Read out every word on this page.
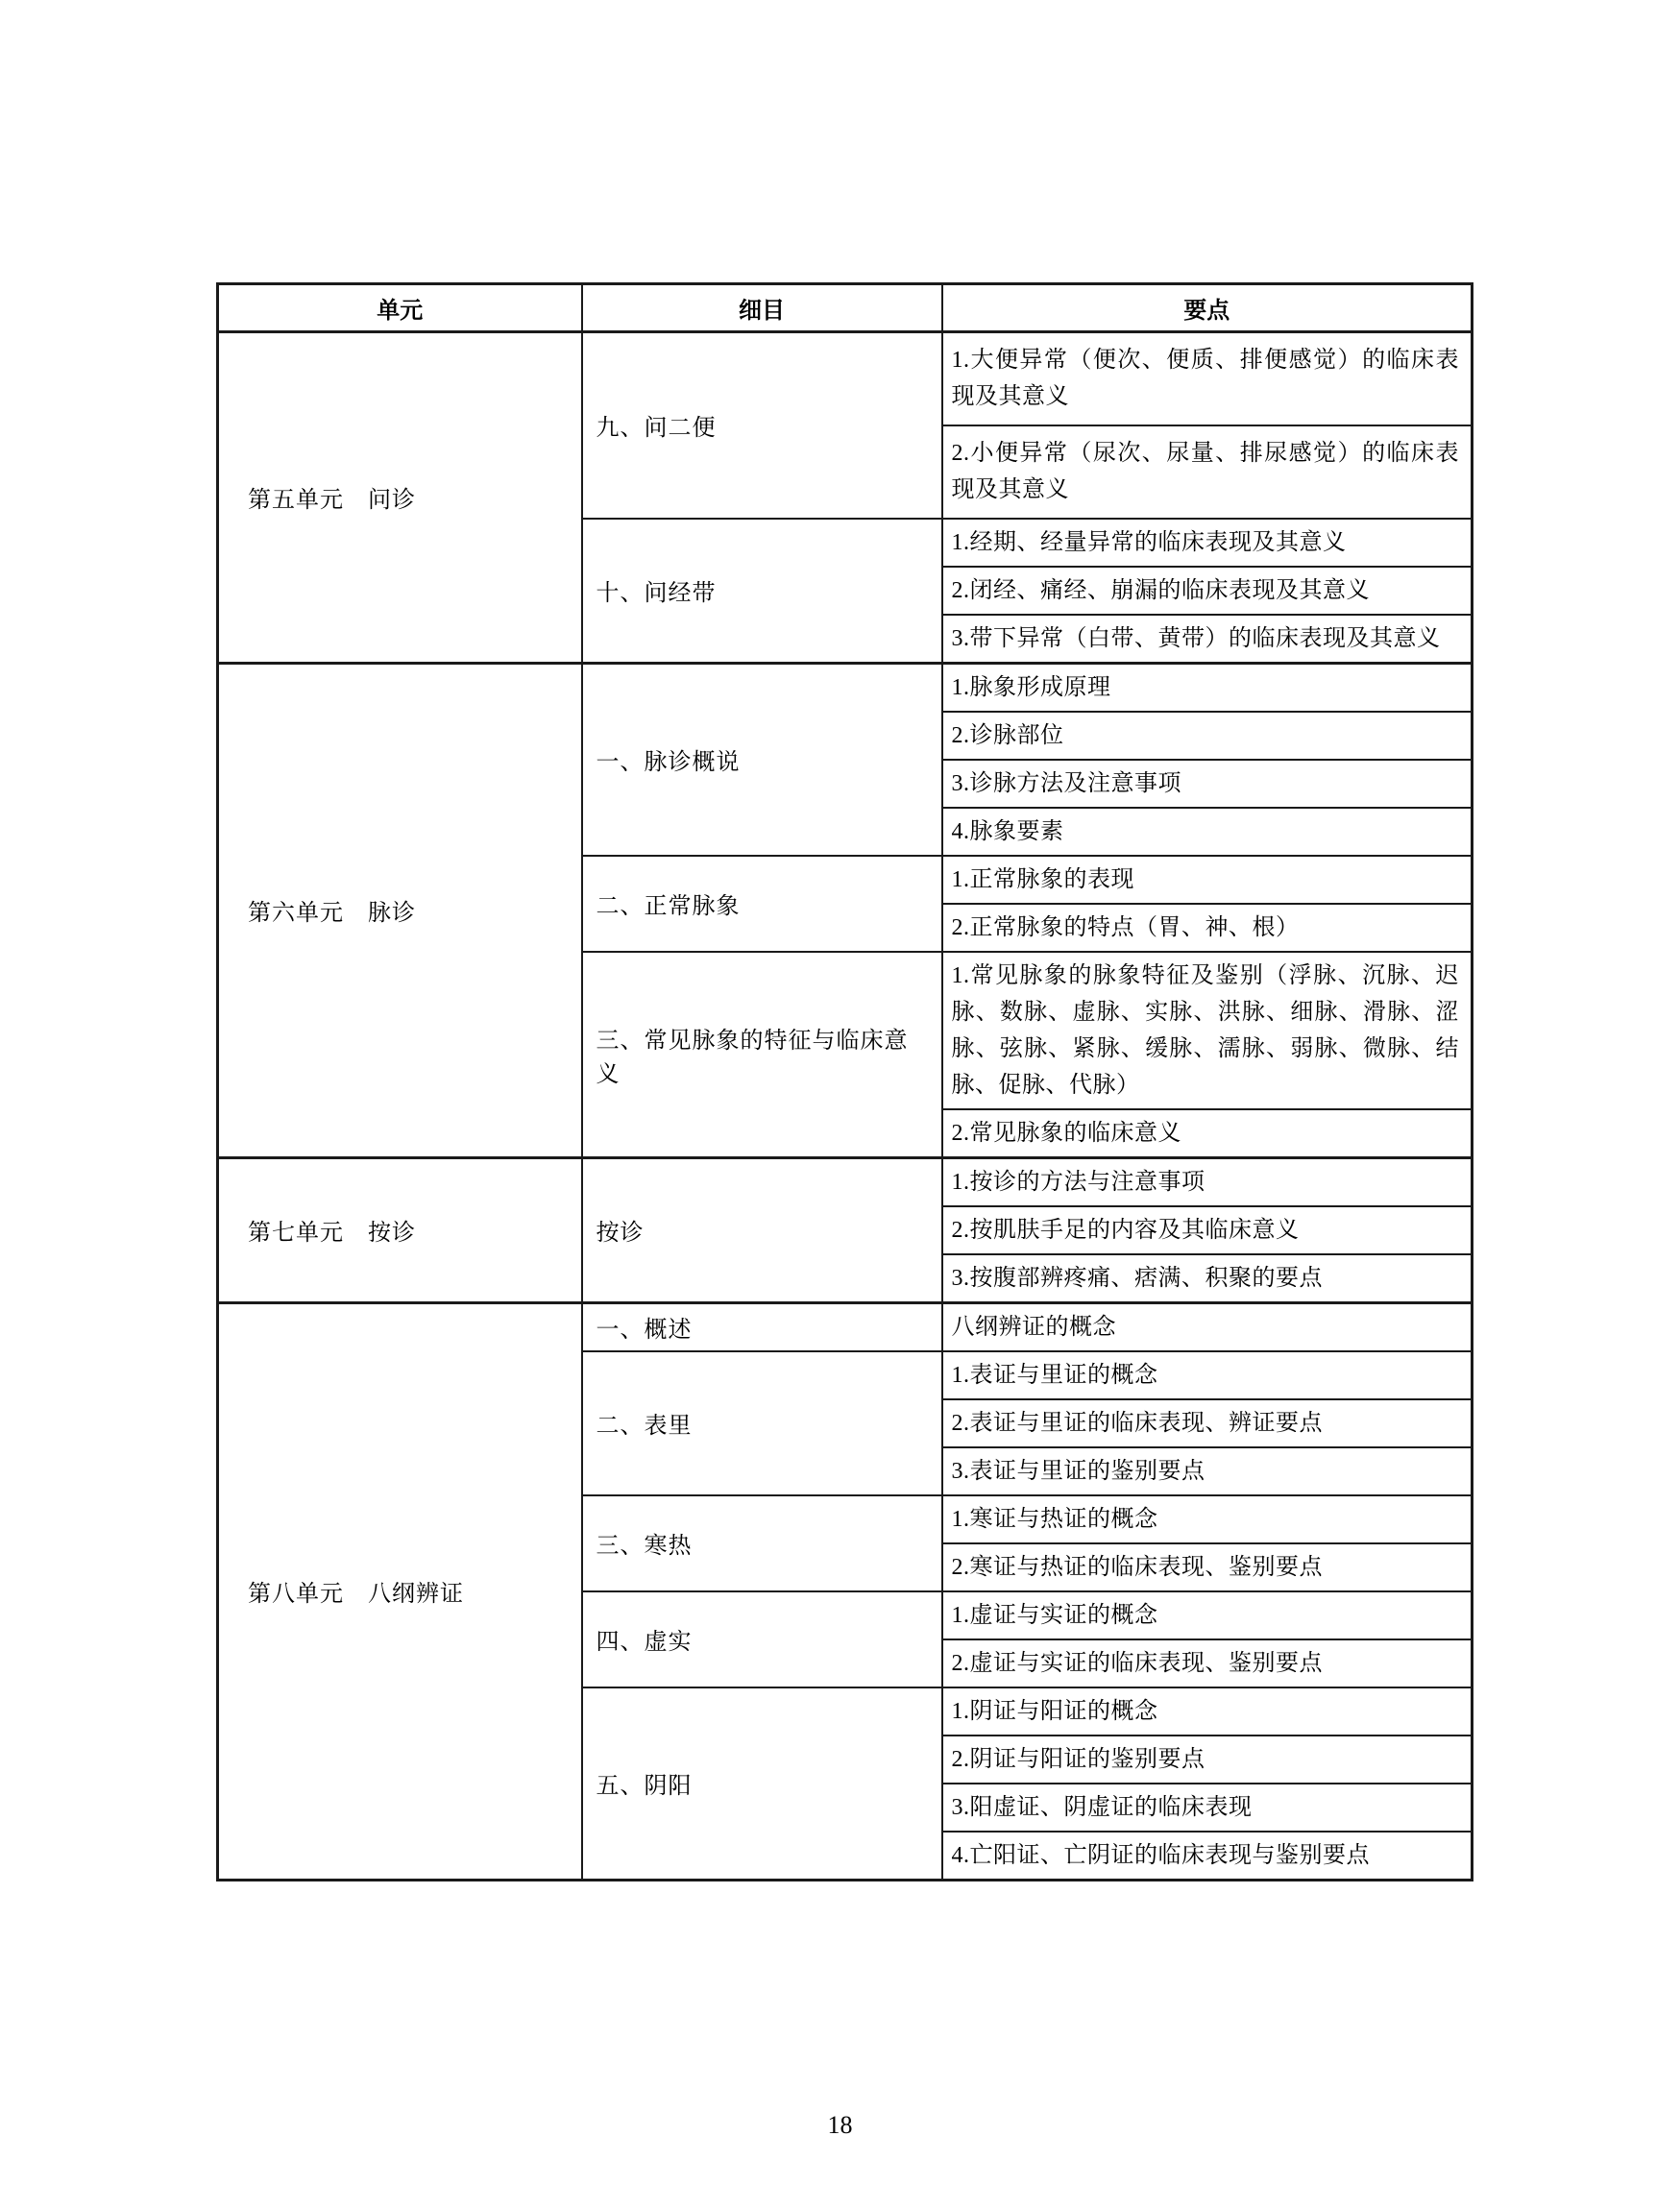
单元	细目	要点
第五单元　问诊	九、问二便	1.大便异常（便次、便质、排便感觉）的临床表现及其意义
		2.小便异常（尿次、尿量、排尿感觉）的临床表现及其意义
	十、问经带	1.经期、经量异常的临床表现及其意义
		2.闭经、痛经、崩漏的临床表现及其意义
		3.带下异常（白带、黄带）的临床表现及其意义
第六单元　脉诊	一、脉诊概说	1.脉象形成原理
		2.诊脉部位
		3.诊脉方法及注意事项
		4.脉象要素
	二、正常脉象	1.正常脉象的表现
		2.正常脉象的特点（胃、神、根）
	三、常见脉象的特征与临床意义	1.常见脉象的脉象特征及鉴别（浮脉、沉脉、迟脉、数脉、虚脉、实脉、洪脉、细脉、滑脉、涩脉、弦脉、紧脉、缓脉、濡脉、弱脉、微脉、结脉、促脉、代脉）
		2.常见脉象的临床意义
第七单元　按诊	按诊	1.按诊的方法与注意事项
		2.按肌肤手足的内容及其临床意义
		3.按腹部辨疼痛、痞满、积聚的要点
第八单元　八纲辨证	一、概述	八纲辨证的概念
	二、表里	1.表证与里证的概念
		2.表证与里证的临床表现、辨证要点
		3.表证与里证的鉴别要点
	三、寒热	1.寒证与热证的概念
		2.寒证与热证的临床表现、鉴别要点
	四、虚实	1.虚证与实证的概念
		2.虚证与实证的临床表现、鉴别要点
	五、阴阳	1.阴证与阳证的概念
		2.阴证与阳证的鉴别要点
		3.阳虚证、阴虚证的临床表现
		4.亡阳证、亡阴证的临床表现与鉴别要点
18
